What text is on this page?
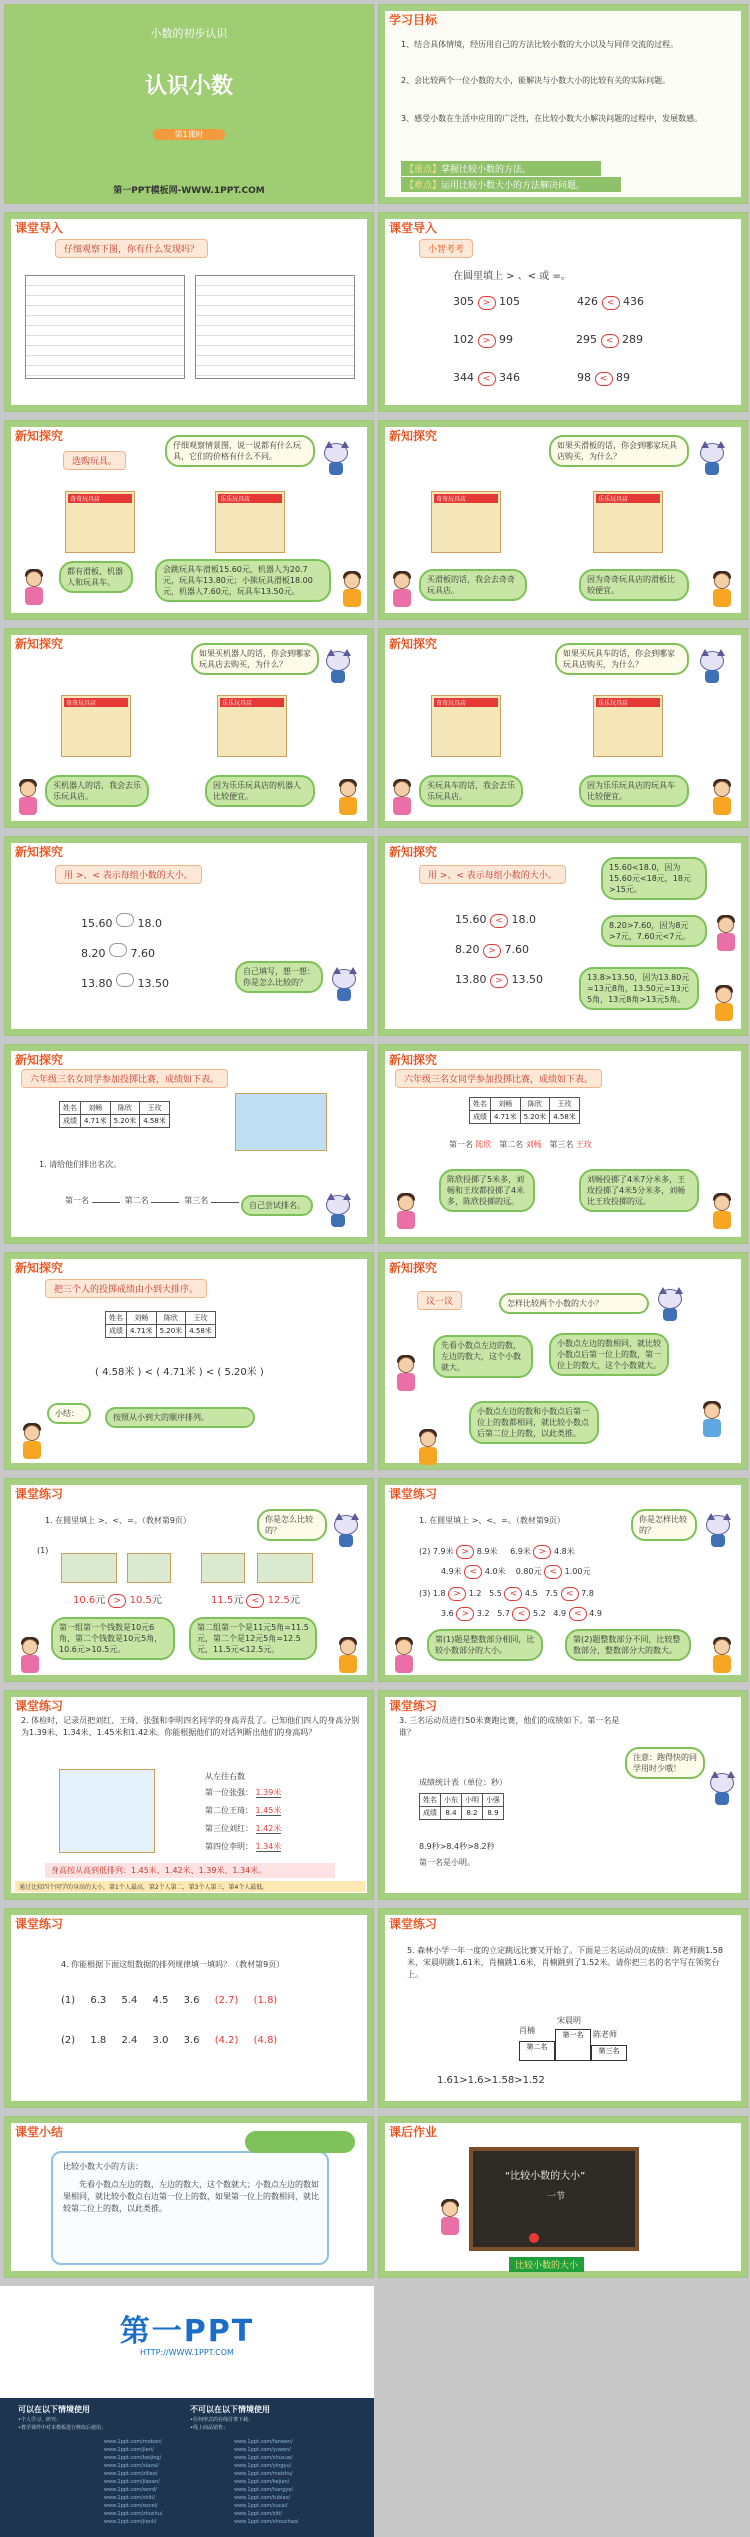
小数的初步认识
认识小数
第1课时
第一PPT模板网-WWW.1PPT.COM
学习目标
1、结合具体情境，经历用自己的方法比较小数的大小以及与同伴交流的过程。
2、会比较两个一位小数的大小，能解决与小数大小的比较有关的实际问题。
3、感受小数在生活中应用的广泛性，在比较小数大小解决问题的过程中，发展数感。
【重点】掌握比较小数的方法。
【难点】运用比较小数大小的方法解决问题。
课堂导入
仔细观察下图，你有什么发现吗？
课堂导入
小智考考
在圆里填上 > 、< 或 =。
305 > 105	426 < 436
102 > 99	295 < 289
344 < 346	98 < 89
新知探究
选购玩具。
仔细观察情景图，说一说都有什么玩具，它们的价格有什么不同。
奇奇玩具店	乐乐玩具店
都有滑板、机器人和玩具车。
会跳玩具车滑板15.60元，机器人为20.7元，玩具车13.80元；小熊玩具滑板18.00元，机器人7.60元，玩具车13.50元。
新知探究
如果买滑板的话，你会到哪家玩具店购买，为什么？
奇奇玩具店	乐乐玩具店
买滑板的话，我会去奇奇玩具店。
因为奇奇玩具店的滑板比较便宜。
新知探究
如果买机器人的话，你会到哪家玩具店去购买，为什么？
奇奇玩具店	乐乐玩具店
买机器人的话，我会去乐乐玩具店。
因为乐乐玩具店的机器人比较便宜。
新知探究
如果买玩具车的话，你会到哪家玩具店购买，为什么？
奇奇玩具店	乐乐玩具店
买玩具车的话，我会去乐乐玩具店。
因为乐乐玩具店的玩具车比较便宜。
新知探究
用 >、< 表示每组小数的大小。
15.60 18.0
8.20 7.60
13.80 13.50
自己填写，想一想：你是怎么比较的？
新知探究
用 >、< 表示每组小数的大小。
15.60 < 18.0
8.20 > 7.60
13.80 > 13.50
15.60<18.0，因为15.60元<18元，18元>15元。
8.20>7.60，因为8元>7元，7.60元<7元。
13.8>13.50，因为13.80元=13元8角，13.50元=13元5角，13元8角>13元5角。
新知探究
六年级三名女同学参加投掷比赛，成绩如下表。
姓名	刘畅	陈欣	王玫
成绩	4.71米	5.20米	4.58米
1. 请给他们排出名次。
第一名	第二名	第三名
自己尝试排名。
新知探究
六年级三名女同学参加投掷比赛，成绩如下表。
姓名	刘畅	陈欣	王玫
成绩	4.71米	5.20米	4.58米
第一名 陈欣 第二名 刘畅 第三名 王玫
陈欣投掷了5米多，刘畅和王玫都投掷了4米多，陈欣投掷的远。
刘畅投掷了4米7分米多，王玫投掷了4米5分米多，刘畅比王玫投掷的远。
新知探究
把三个人的投掷成绩由小到大排序。
姓名	刘畅	陈欣	王玫
成绩	4.71米	5.20米	4.58米
( 4.58米 ) < ( 4.71米 ) < ( 5.20米 )
小结：	按照从小到大的顺序排列。
新知探究
议一议	怎样比较两个小数的大小？
先看小数点左边的数，左边的数大，这个小数就大。
小数点左边的数相同，就比较小数点后第一位上的数，第一位上的数大，这个小数就大。
小数点左边的数和小数点后第一位上的数都相同，就比较小数点后第二位上的数，以此类推。
课堂练习
1. 在圆里填上 >、<、=。（教材第9页）	你是怎么比较的？
(1)
10.6元 > 10.5元	11.5元 < 12.5元
第一组第一个钱数是10元6角，第二个钱数是10元5角，10.6元>10.5元。
第二组第一个是11元5角=11.5元，第二个是12元5角=12.5元，11.5元<12.5元。
课堂练习
1. 在圆里填上 >、<、=。（教材第9页）	你是怎样比较的？
(2) 7.9米 > 8.9米 6.9米 > 4.8米
4.9米 < 4.0米 0.80元 < 1.00元
(3) 1.8 > 1.2 5.5 < 4.5 7.5 < 7.8
3.6 > 3.2 5.7 < 5.2 4.9 < 4.9
第(1)题是整数部分相同，比较小数部分的大小。
第(2)题整数部分不同，比较整数部分，整数部分大的数大。
课堂练习
2. 体检时，记录员把刘红、王琦、张强和李明四名同学的身高弄乱了。已知他们四人的身高分别为1.39米、1.34米、1.45米和1.42米。你能根据他们的对话判断出他们的身高吗？
从左往右数
第一位张强： 1.39米
第二位王琦： 1.45米
第三位刘红： 1.42米
第四位李明： 1.34米
身高按从高到低排列：1.45米、1.42米、1.39米、1.34米。
通过比较四个同学的身高的大小，第1个人最高，第2个人第二，第3个人第三，第4个人最低。
课堂练习
3. 三名运动员进行50米赛跑比赛，他们的成绩如下。第一名是谁？
注意：跑得快的同学用时少哦！
成绩统计表（单位：秒）
姓名	小东	小明	小强
成绩	8.4	8.2	8.9
8.9秒>8.4秒>8.2秒
第一名是小明。
课堂练习
4. 你能根据下面这组数据的排列规律填一填吗？（教材第9页）
(1) 6.3 5.4 4.5 3.6 (2.7) (1.8)
(2) 1.8 2.4 3.0 3.6 (4.2) (4.8)
课堂练习
5. 森林小学一年一度的立定跳远比赛又开始了。下面是三名运动员的成绩：陈老师跳1.58米，宋晨明跳1.61米，肖楠跳1.6米，肖楠跳到了1.52米。请你把三名的名字写在领奖台上。
宋晨明
肖楠	陈老师
第二名
第一名
第三名
1.61>1.6>1.58>1.52
课堂小结
比较小数大小的方法：
先看小数点左边的数，左边的数大，这个数就大；小数点左边的数如果相同，就比较小数点右边第一位上的数，如果第一位上的数相同，就比较第二位上的数，以此类推。
课后作业
“比较小数的大小”
一节
比较小数的大小
第一PPT
HTTP://WWW.1PPT.COM
可以在以下情境使用	不可以在以下情境使用
•个人学习、研究；
•教学课件中对本模板进行修改后使用；
•任何形式的在线付费下载；
•线上商品销售；
www.1ppt.com/moban/
www.1ppt.com/jieri/
www.1ppt.com/beijing/
www.1ppt.com/xiazai/
www.1ppt.com/ziliao/
www.1ppt.com/jiaoan/
www.1ppt.com/word/
www.1ppt.com/shiti/
www.1ppt.com/excel/
www.1ppt.com/zhuchu/
www.1ppt.com/jianli/
www.1ppt.com/fanwen/
www.1ppt.com/yuwen/
www.1ppt.com/shuxue/
www.1ppt.com/yingyu/
www.1ppt.com/meishu/
www.1ppt.com/kejian/
www.1ppt.com/hangye/
www.1ppt.com/tubiao/
www.1ppt.com/sucai/
www.1ppt.com/ziti/
www.1ppt.com/shouchao/
